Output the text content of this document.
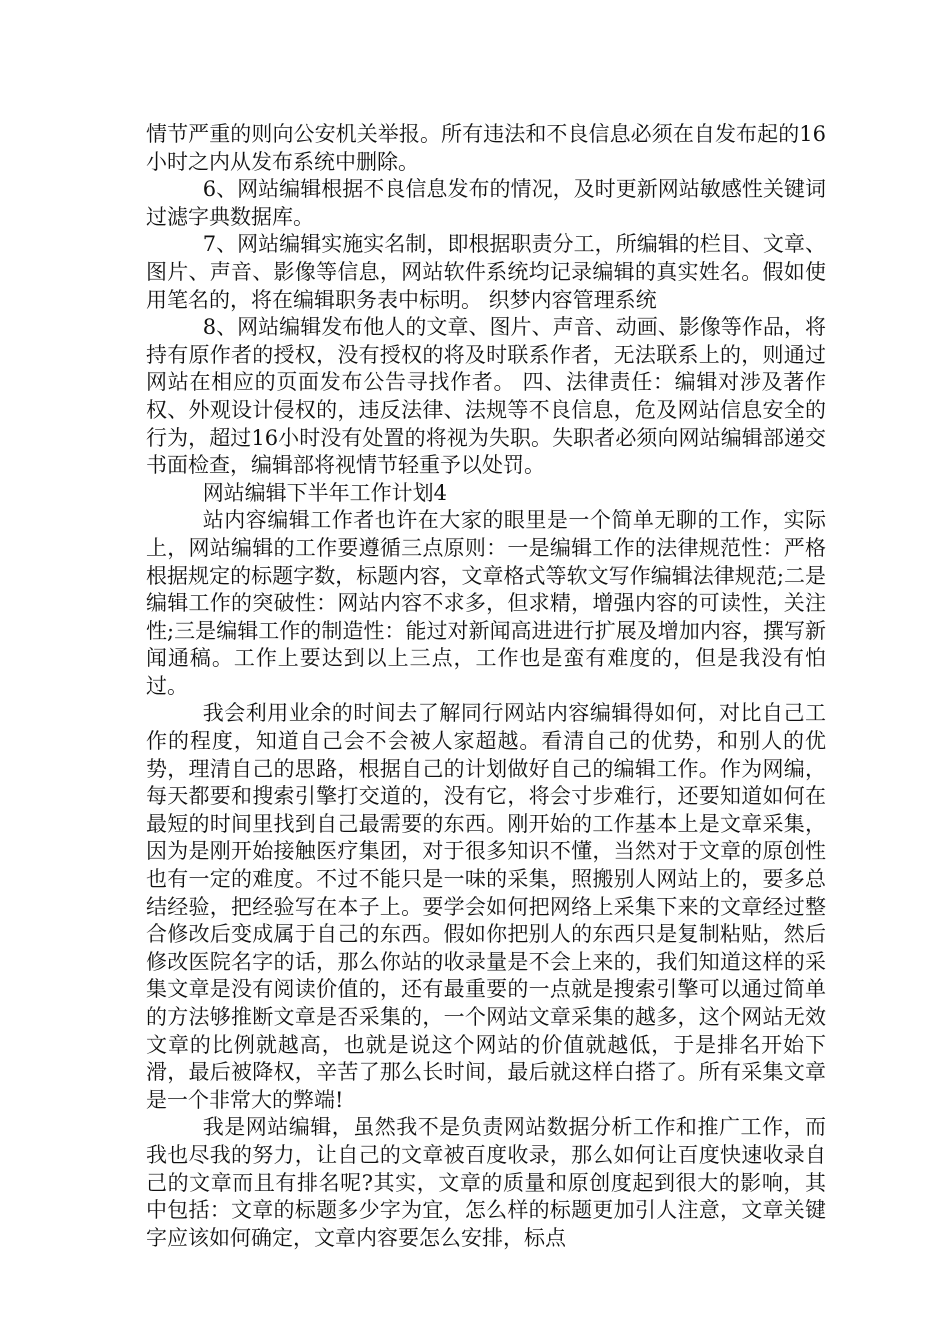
情节严重的则向公安机关举报。所有违法和不良信息必须在自发布起的16小时之内从发布系统中删除。

6、网站编辑根据不良信息发布的情况，及时更新网站敏感性关键词过滤字典数据库。

7、网站编辑实施实名制，即根据职责分工，所编辑的栏目、文章、图片、声音、影像等信息，网站软件系统均记录编辑的真实姓名。假如使用笔名的，将在编辑职务表中标明。 织梦内容管理系统

8、网站编辑发布他人的文章、图片、声音、动画、影像等作品，将持有原作者的授权，没有授权的将及时联系作者，无法联系上的，则通过网站在相应的页面发布公告寻找作者。 四、法律责任：编辑对涉及著作权、外观设计侵权的，违反法律、法规等不良信息，危及网站信息安全的行为，超过16小时没有处置的将视为失职。失职者必须向网站编辑部递交书面检查，编辑部将视情节轻重予以处罚。

网站编辑下半年工作计划4

站内容编辑工作者也许在大家的眼里是一个简单无聊的工作，实际上，网站编辑的工作要遵循三点原则：一是编辑工作的法律规范性：严格根据规定的标题字数，标题内容，文章格式等软文写作编辑法律规范;二是编辑工作的突破性：网站内容不求多，但求精，增强内容的可读性，关注性;三是编辑工作的制造性：能过对新闻高进进行扩展及增加内容，撰写新闻通稿。工作上要达到以上三点，工作也是蛮有难度的，但是我没有怕过。

我会利用业余的时间去了解同行网站内容编辑得如何，对比自己工作的程度，知道自己会不会被人家超越。看清自己的优势，和别人的优势，理清自己的思路，根据自己的计划做好自己的编辑工作。作为网编，每天都要和搜索引擎打交道的，没有它，将会寸步难行，还要知道如何在最短的时间里找到自己最需要的东西。刚开始的工作基本上是文章采集，因为是刚开始接触医疗集团，对于很多知识不懂，当然对于文章的原创性也有一定的难度。不过不能只是一味的采集，照搬别人网站上的，要多总结经验，把经验写在本子上。要学会如何把网络上采集下来的文章经过整合修改后变成属于自己的东西。假如你把别人的东西只是复制粘贴，然后修改医院名字的话，那么你站的收录量是不会上来的，我们知道这样的采集文章是没有阅读价值的，还有最重要的一点就是搜索引擎可以通过简单的方法够推断文章是否采集的，一个网站文章采集的越多，这个网站无效文章的比例就越高，也就是说这个网站的价值就越低，于是排名开始下滑，最后被降权，辛苦了那么长时间，最后就这样白搭了。所有采集文章是一个非常大的弊端!

我是网站编辑，虽然我不是负责网站数据分析工作和推广工作，而我也尽我的努力，让自己的文章被百度收录，那么如何让百度快速收录自己的文章而且有排名呢?其实，文章的质量和原创度起到很大的影响，其中包括：文章的标题多少字为宜，怎么样的标题更加引人注意，文章关键字应该如何确定，文章内容要怎么安排，标点
